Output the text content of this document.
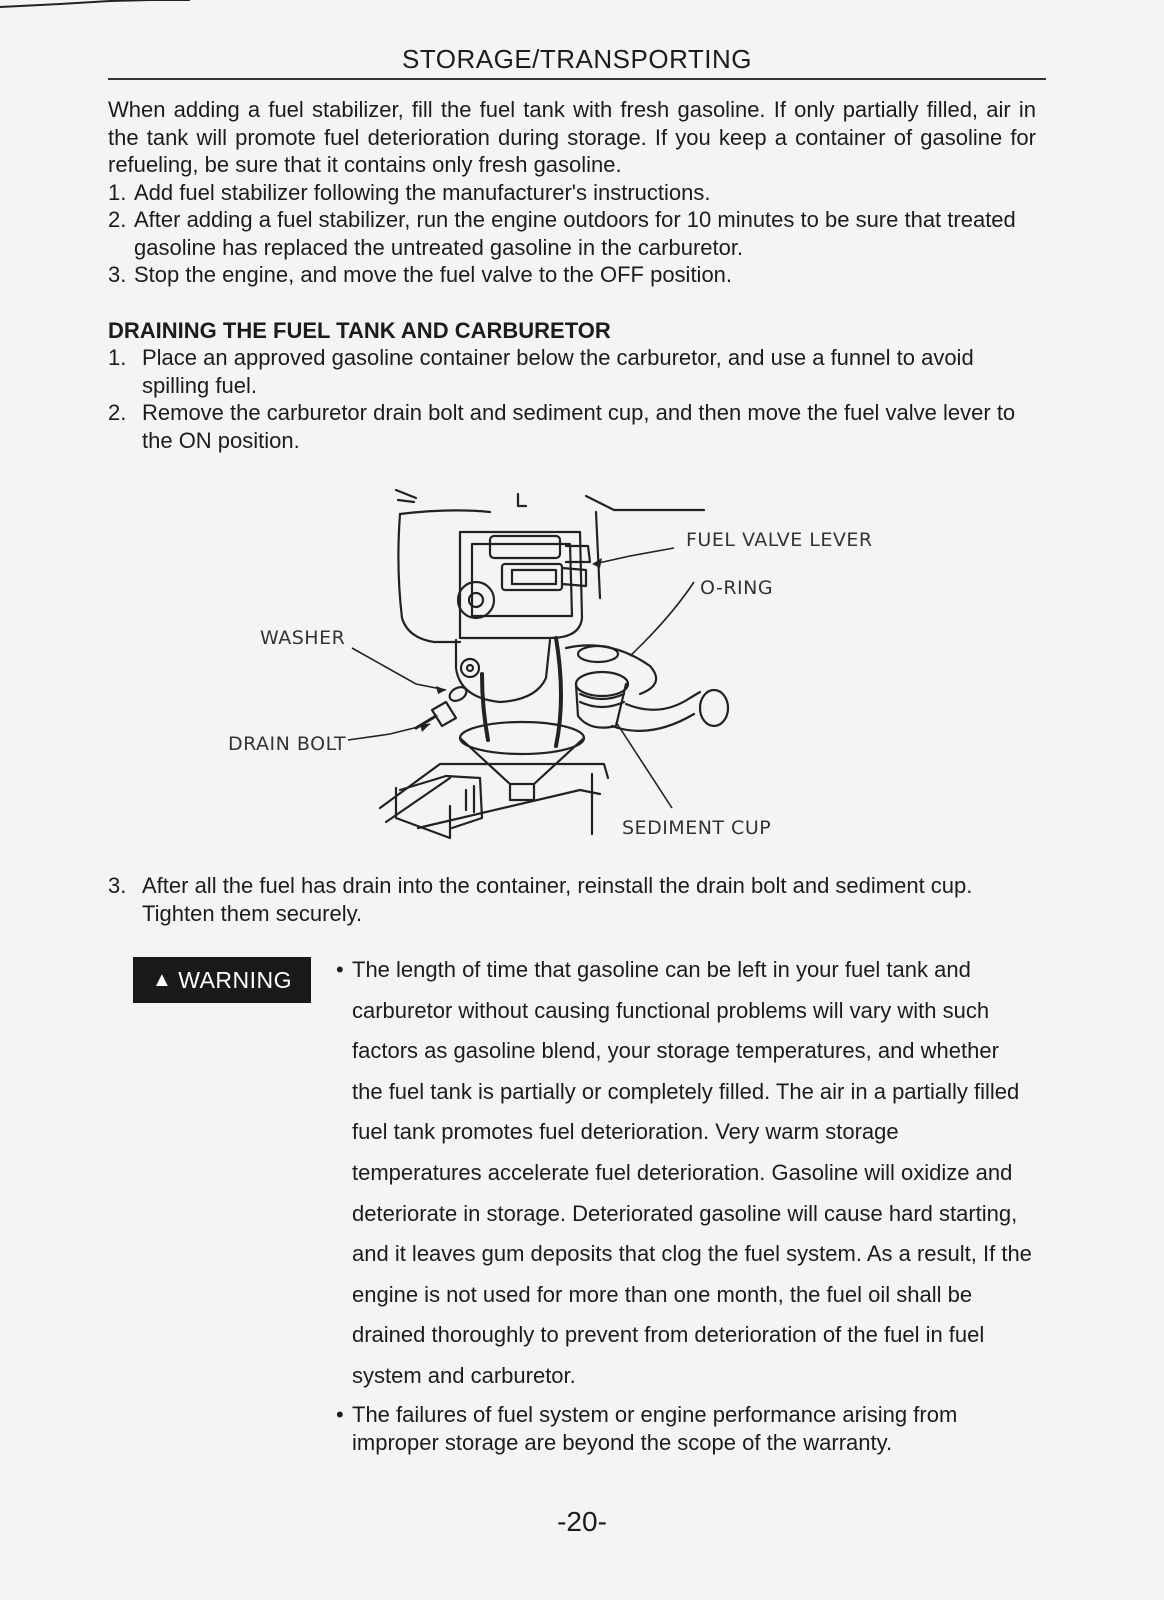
STORAGE/TRANSPORTING

When adding a fuel stabilizer, fill the fuel tank with fresh gasoline. If only partially filled, air in the tank will promote fuel deterioration during storage. If you keep a container of gasoline for refueling, be sure that it contains only fresh gasoline.

1. Add fuel stabilizer following the manufacturer's instructions.
2. After adding a fuel stabilizer, run the engine outdoors for 10 minutes to be sure that treated gasoline has replaced the untreated gasoline in the carburetor.
3. Stop the engine, and move the fuel valve to the OFF position.
DRAINING THE FUEL TANK AND CARBURETOR
1. Place an approved gasoline container below the carburetor, and use a funnel to avoid spilling fuel.
2. Remove the carburetor drain bolt and sediment cup, and then move the fuel valve lever to the ON position.
FUEL VALVE LEVER
O-RING
WASHER
DRAIN BOLT
SEDIMENT CUP
3. After all the fuel has drain into the container, reinstall the drain bolt and sediment cup. Tighten them securely.
▲ WARNING • The length of time that gasoline can be left in your fuel tank and carburetor without causing functional problems will vary with such factors as gasoline blend, your storage temperatures, and whether the fuel tank is partially or completely filled. The air in a partially filled fuel tank promotes fuel deterioration. Very warm storage temperatures accelerate fuel deterioration. Gasoline will oxidize and deteriorate in storage. Deteriorated gasoline will cause hard starting, and it leaves gum deposits that clog the fuel system. As a result, If the engine is not used for more than one month, the fuel oil shall be drained thoroughly to prevent from deterioration of the fuel in fuel system and carburetor.
• The failures of fuel system or engine performance arising from improper storage are beyond the scope of the warranty.
-20-
